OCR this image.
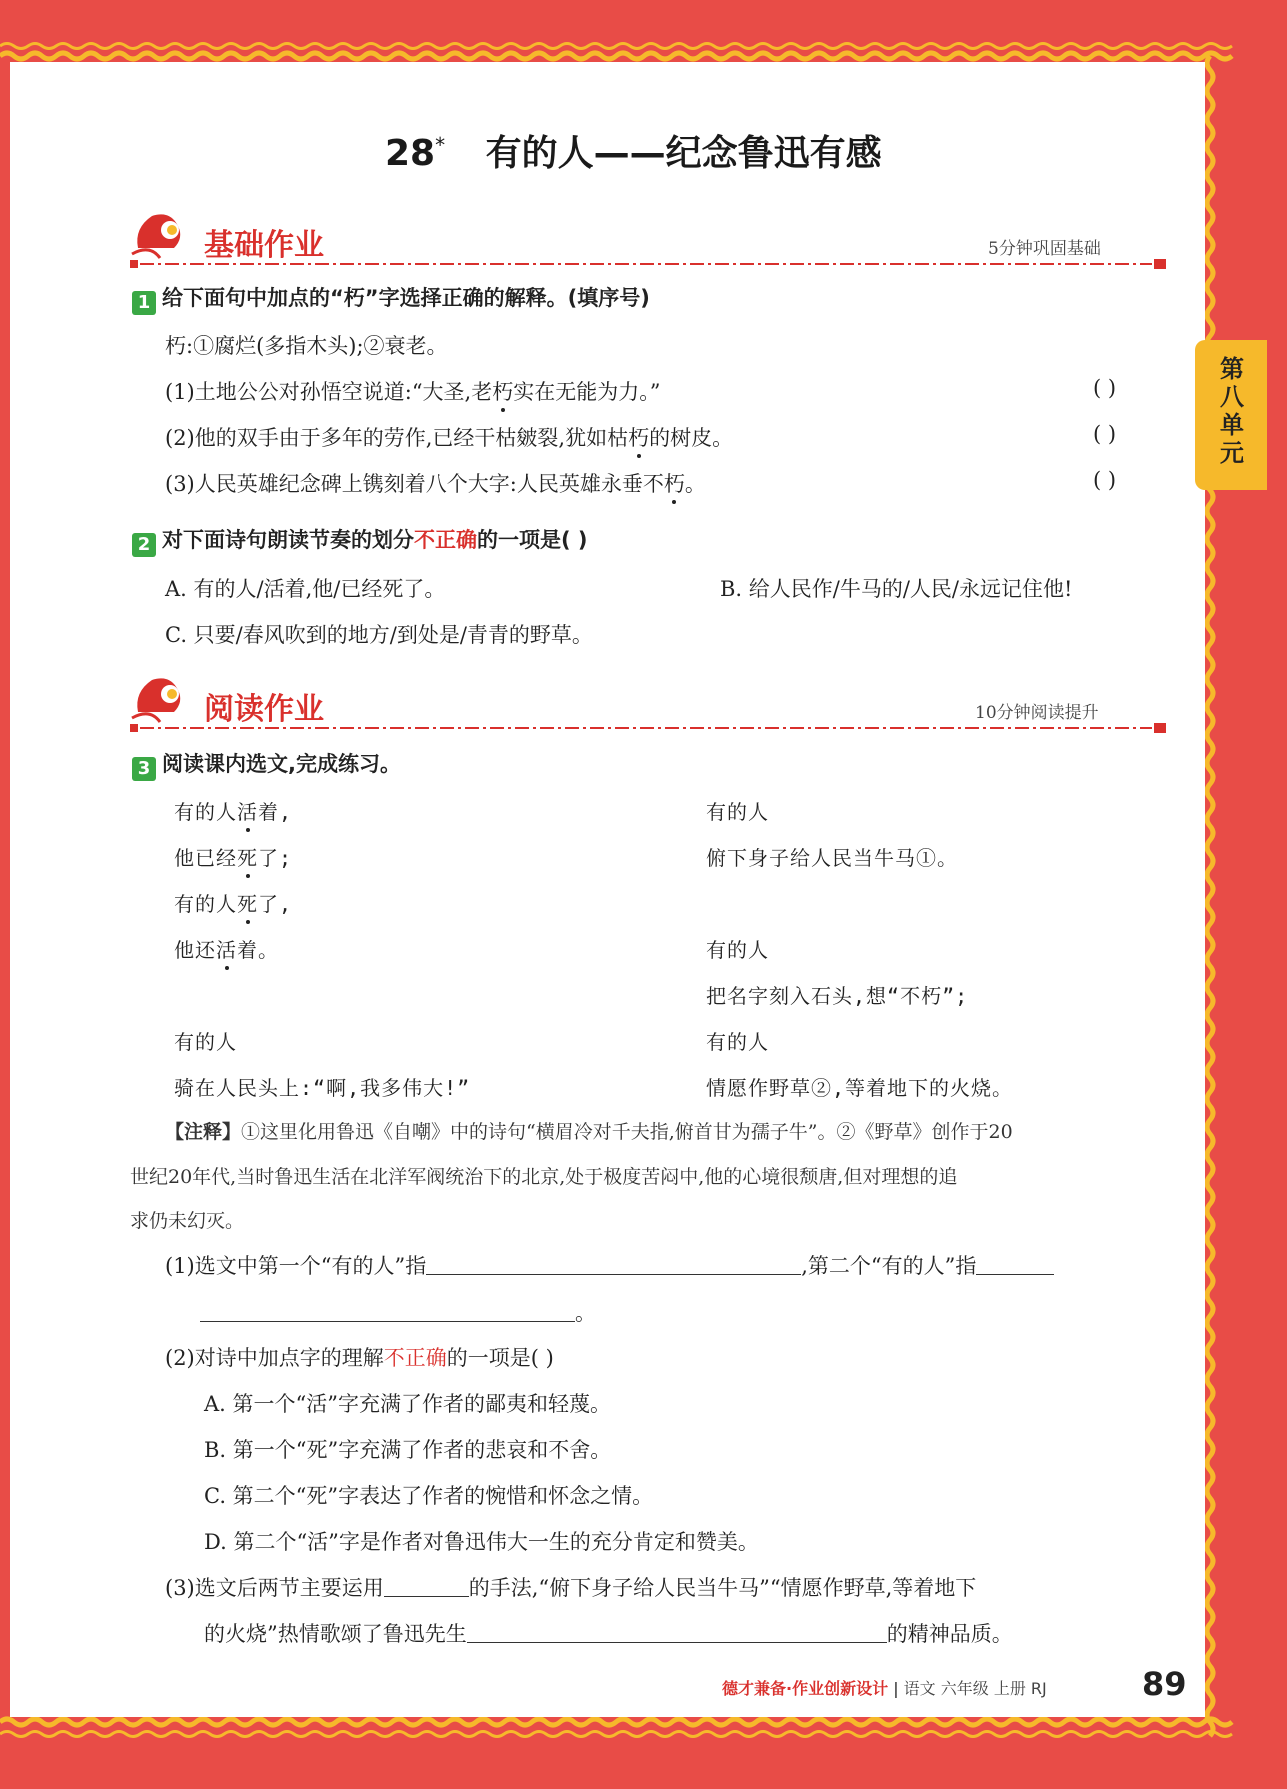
第八单元
28* 有的人——纪念鲁迅有感
基础作业	5分钟巩固基础
1 给下面句中加点的“朽”字选择正确的解释。(填序号)
朽:①腐烂(多指木头);②衰老。
(1)土地公公对孙悟空说道:“大圣,老朽实在无能为力。”	( )
(2)他的双手由于多年的劳作,已经干枯皴裂,犹如枯朽的树皮。	( )
(3)人民英雄纪念碑上镌刻着八个大字:人民英雄永垂不朽。	( )
2 对下面诗句朗读节奏的划分不正确的一项是( )
A. 有的人/活着,他/已经死了。	B. 给人民作/牛马的/人民/永远记住他!
C. 只要/春风吹到的地方/到处是/青青的野草。
阅读作业	10分钟阅读提升
3 阅读课内选文,完成练习。
有的人活着,
他已经死了;
有的人死了,
他还活着。
有的人
骑在人民头上:“啊,我多伟大!”
有的人
俯下身子给人民当牛马①。
有的人
把名字刻入石头,想“不朽”;
有的人
情愿作野草②,等着地下的火烧。
【注释】①这里化用鲁迅《自嘲》中的诗句“横眉冷对千夫指,俯首甘为孺子牛”。②《野草》创作于20
世纪20年代,当时鲁迅生活在北洋军阀统治下的北京,处于极度苦闷中,他的心境很颓唐,但对理想的追
求仍未幻灭。
(1)选文中第一个“有的人”指	,第二个“有的人”指
。
(2)对诗中加点字的理解不正确的一项是( )
A. 第一个“活”字充满了作者的鄙夷和轻蔑。
B. 第一个“死”字充满了作者的悲哀和不舍。
C. 第二个“死”字表达了作者的惋惜和怀念之情。
D. 第二个“活”字是作者对鲁迅伟大一生的充分肯定和赞美。
(3)选文后两节主要运用	的手法,“俯下身子给人民当牛马”“情愿作野草,等着地下
的火烧”热情歌颂了鲁迅先生	的精神品质。
德才兼备·作业创新设计 | 语文 六年级 上册 RJ	89
